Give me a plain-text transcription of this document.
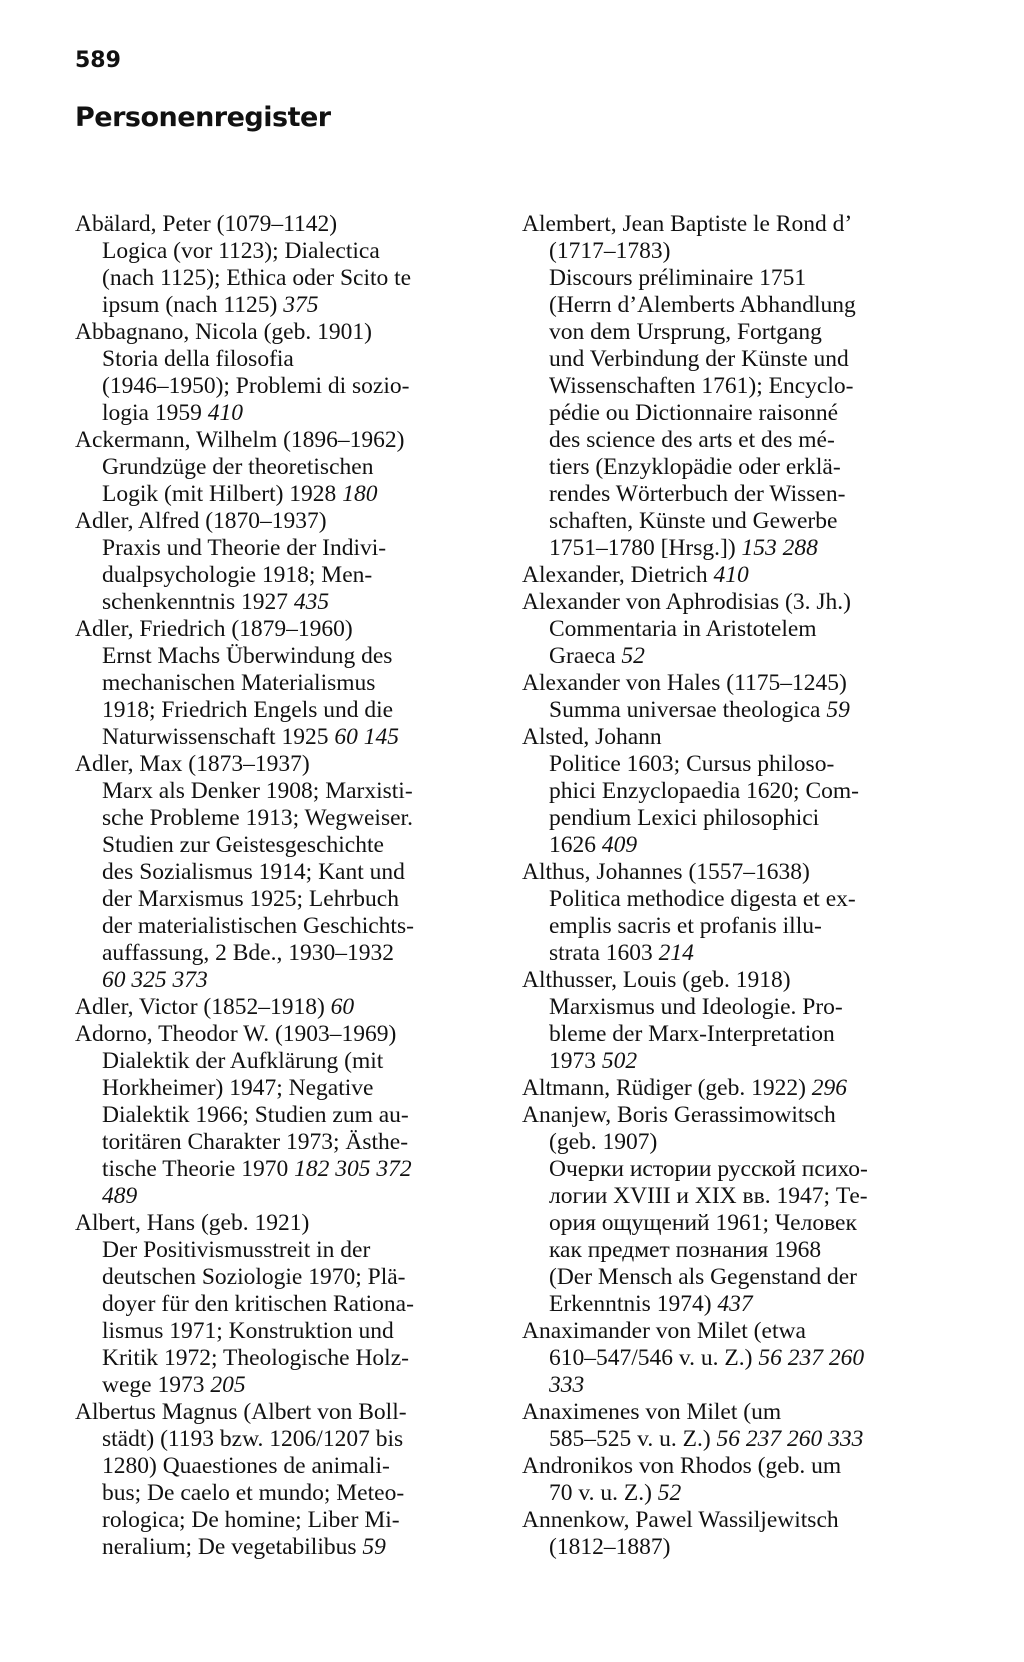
589
Personenregister
Abälard, Peter (1079–1142)
Logica (vor 1123); Dialectica
(nach 1125); Ethica oder Scito te
ipsum (nach 1125) 375
Abbagnano, Nicola (geb. 1901)
Storia della filosofia
(1946–1950); Problemi di sozio-
logia 1959 410
Ackermann, Wilhelm (1896–1962)
Grundzüge der theoretischen
Logik (mit Hilbert) 1928 180
Adler, Alfred (1870–1937)
Praxis und Theorie der Indivi-
dualpsychologie 1918; Men-
schenkenntnis 1927 435
Adler, Friedrich (1879–1960)
Ernst Machs Überwindung des
mechanischen Materialismus
1918; Friedrich Engels und die
Naturwissenschaft 1925 60 145
Adler, Max (1873–1937)
Marx als Denker 1908; Marxisti-
sche Probleme 1913; Wegweiser.
Studien zur Geistesgeschichte
des Sozialismus 1914; Kant und
der Marxismus 1925; Lehrbuch
der materialistischen Geschichts-
auffassung, 2 Bde., 1930–1932
60 325 373
Adler, Victor (1852–1918) 60
Adorno, Theodor W. (1903–1969)
Dialektik der Aufklärung (mit
Horkheimer) 1947; Negative
Dialektik 1966; Studien zum au-
toritären Charakter 1973; Ästhe-
tische Theorie 1970 182 305 372
489
Albert, Hans (geb. 1921)
Der Positivismusstreit in der
deutschen Soziologie 1970; Plä-
doyer für den kritischen Rationa-
lismus 1971; Konstruktion und
Kritik 1972; Theologische Holz-
wege 1973 205
Albertus Magnus (Albert von Boll-
städt) (1193 bzw. 1206/1207 bis
1280) Quaestiones de animali-
bus; De caelo et mundo; Meteo-
rologica; De homine; Liber Mi-
neralium; De vegetabilibus 59
Alembert, Jean Baptiste le Rond d’
(1717–1783)
Discours préliminaire 1751
(Herrn d’Alemberts Abhandlung
von dem Ursprung, Fortgang
und Verbindung der Künste und
Wissenschaften 1761); Encyclo-
pédie ou Dictionnaire raisonné
des science des arts et des mé-
tiers (Enzyklopädie oder erklä-
rendes Wörterbuch der Wissen-
schaften, Künste und Gewerbe
1751–1780 [Hrsg.]) 153 288
Alexander, Dietrich 410
Alexander von Aphrodisias (3. Jh.)
Commentaria in Aristotelem
Graeca 52
Alexander von Hales (1175–1245)
Summa universae theologica 59
Alsted, Johann
Politice 1603; Cursus philoso-
phici Enzyclopaedia 1620; Com-
pendium Lexici philosophici
1626 409
Althus, Johannes (1557–1638)
Politica methodice digesta et ex-
emplis sacris et profanis illu-
strata 1603 214
Althusser, Louis (geb. 1918)
Marxismus und Ideologie. Pro-
bleme der Marx-Interpretation
1973 502
Altmann, Rüdiger (geb. 1922) 296
Ananjew, Boris Gerassimowitsch
(geb. 1907)
Очерки истории русской психо-
логии XVIII и XIX вв. 1947; Те-
ория ощущений 1961; Человек
как предмет познания 1968
(Der Mensch als Gegenstand der
Erkenntnis 1974) 437
Anaximander von Milet (etwa
610–547/546 v. u. Z.) 56 237 260
333
Anaximenes von Milet (um
585–525 v. u. Z.) 56 237 260 333
Andronikos von Rhodos (geb. um
70 v. u. Z.) 52
Annenkow, Pawel Wassiljewitsch
(1812–1887)
